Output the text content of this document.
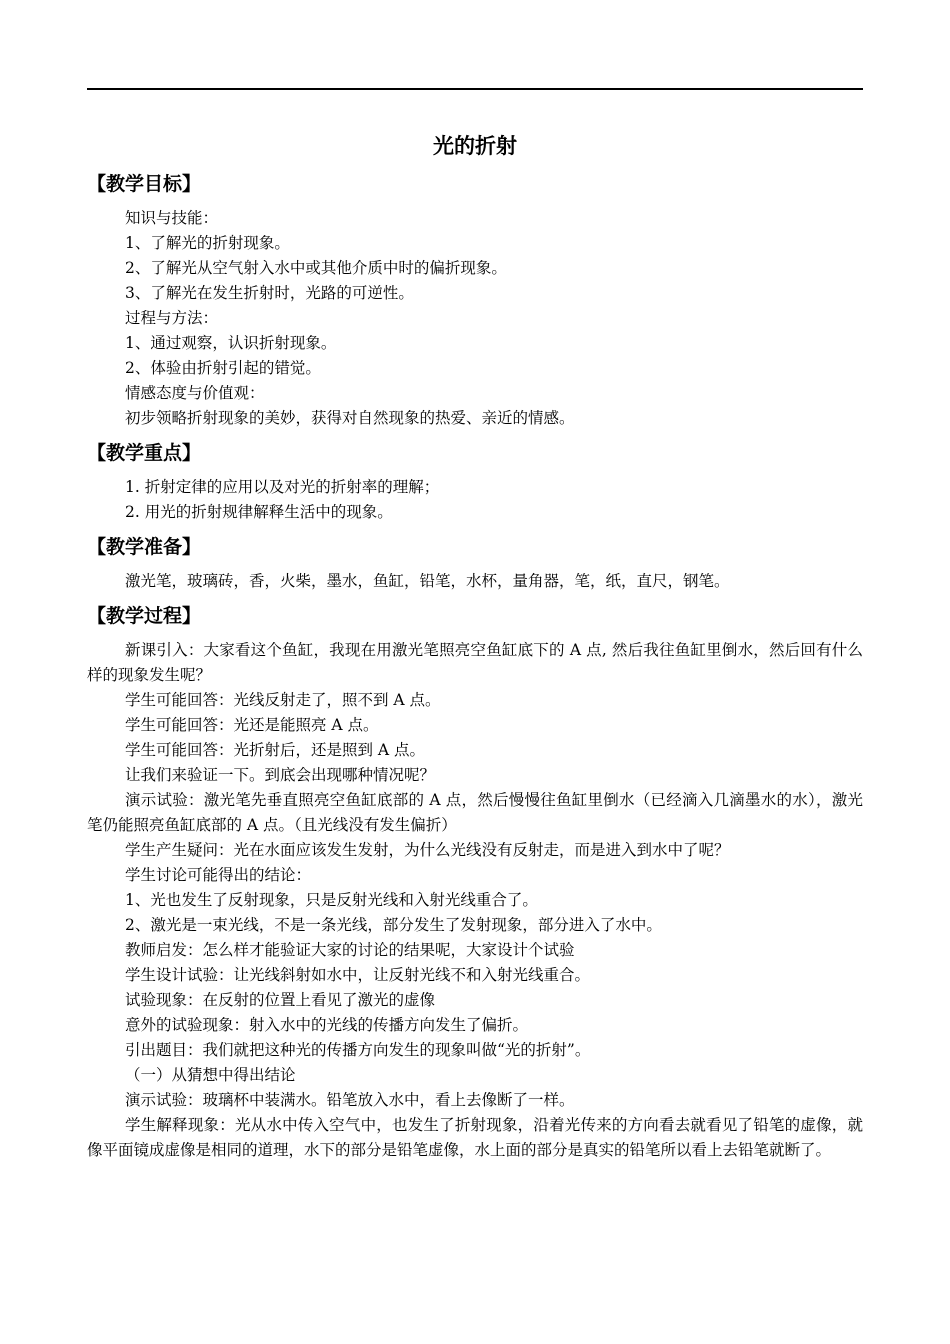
光的折射
【教学目标】

知识与技能：

1、了解光的折射现象。

2、了解光从空气射入水中或其他介质中时的偏折现象。

3、了解光在发生折射时，光路的可逆性。

过程与方法：

1、通过观察，认识折射现象。

2、体验由折射引起的错觉。

情感态度与价值观：

初步领略折射现象的美妙，获得对自然现象的热爱、亲近的情感。

【教学重点】

1. 折射定律的应用以及对光的折射率的理解；

2. 用光的折射规律解释生活中的现象。

【教学准备】

激光笔，玻璃砖，香，火柴，墨水，鱼缸，铅笔，水杯，量角器，笔，纸，直尺，钢笔。

【教学过程】

新课引入：大家看这个鱼缸，我现在用激光笔照亮空鱼缸底下的 A 点, 然后我往鱼缸里倒水，然后回有什么样的现象发生呢？

学生可能回答：光线反射走了，照不到 A 点。

学生可能回答：光还是能照亮 A 点。

学生可能回答：光折射后，还是照到 A 点。

让我们来验证一下。到底会出现哪种情况呢？

演示试验：激光笔先垂直照亮空鱼缸底部的 A 点，然后慢慢往鱼缸里倒水（已经滴入几滴墨水的水），激光笔仍能照亮鱼缸底部的 A 点。（且光线没有发生偏折）

学生产生疑问：光在水面应该发生发射，为什么光线没有反射走，而是进入到水中了呢？

学生讨论可能得出的结论：

1、光也发生了反射现象，只是反射光线和入射光线重合了。

2、激光是一束光线，不是一条光线，部分发生了发射现象，部分进入了水中。

教师启发：怎么样才能验证大家的讨论的结果呢，大家设计个试验

学生设计试验：让光线斜射如水中，让反射光线不和入射光线重合。

试验现象：在反射的位置上看见了激光的虚像

意外的试验现象：射入水中的光线的传播方向发生了偏折。

引出题目：我们就把这种光的传播方向发生的现象叫做“光的折射”。

（一）从猜想中得出结论

演示试验：玻璃杯中装满水。铅笔放入水中，看上去像断了一样。

学生解释现象：光从水中传入空气中，也发生了折射现象，沿着光传来的方向看去就看见了铅笔的虚像，就像平面镜成虚像是相同的道理，水下的部分是铅笔虚像，水上面的部分是真实的铅笔所以看上去铅笔就断了。
